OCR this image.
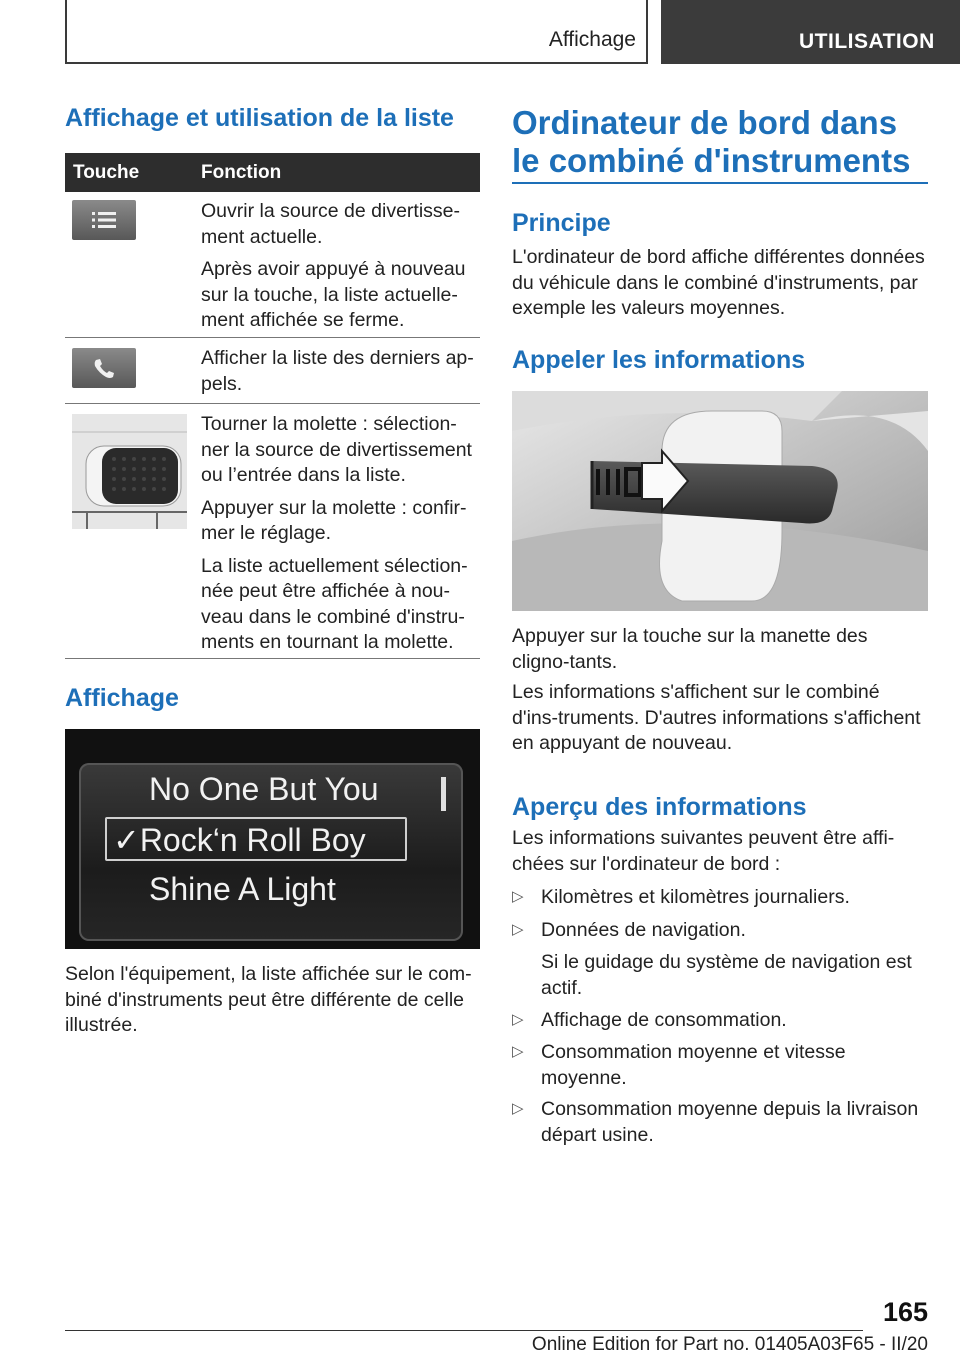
Affichage	UTILISATION
Affichage et utilisation de la liste
Touche	Fonction

Ouvrir la source de divertisse-ment actuelle.

Après avoir appuyé à nouveau sur la touche, la liste actuelle-ment affichée se ferme.

Afficher la liste des derniers ap-pels.

Tourner la molette : sélection-ner la source de divertissement ou l’entrée dans la liste.

Appuyer sur la molette : confir-mer le réglage.

La liste actuellement sélection-née peut être affichée à nou-veau dans le combiné d'instru-ments en tournant la molette.

Affichage
No One But You
✓Rock‘n Roll Boy
Shine A Light

Selon l'équipement, la liste affichée sur le com-biné d'instruments peut être différente de celle illustrée.

Ordinateur de bord dans le combiné d'instruments
Principe

L'ordinateur de bord affiche différentes données du véhicule dans le combiné d'instruments, par exemple les valeurs moyennes.

Appeler les informations

Appuyer sur la touche sur la manette des cligno-tants.

Les informations s'affichent sur le combiné d'ins-truments. D'autres informations s'affichent en appuyant de nouveau.

Aperçu des informations

Les informations suivantes peuvent être affi-chées sur l'ordinateur de bord :

▷ Kilomètres et kilomètres journaliers.
▷ Données de navigation.
Si le guidage du système de navigation est actif.
▷ Affichage de consommation.
▷ Consommation moyenne et vitesse moyenne.
▷ Consommation moyenne depuis la livraison départ usine.
165
Online Edition for Part no. 01405A03F65 - II/20
